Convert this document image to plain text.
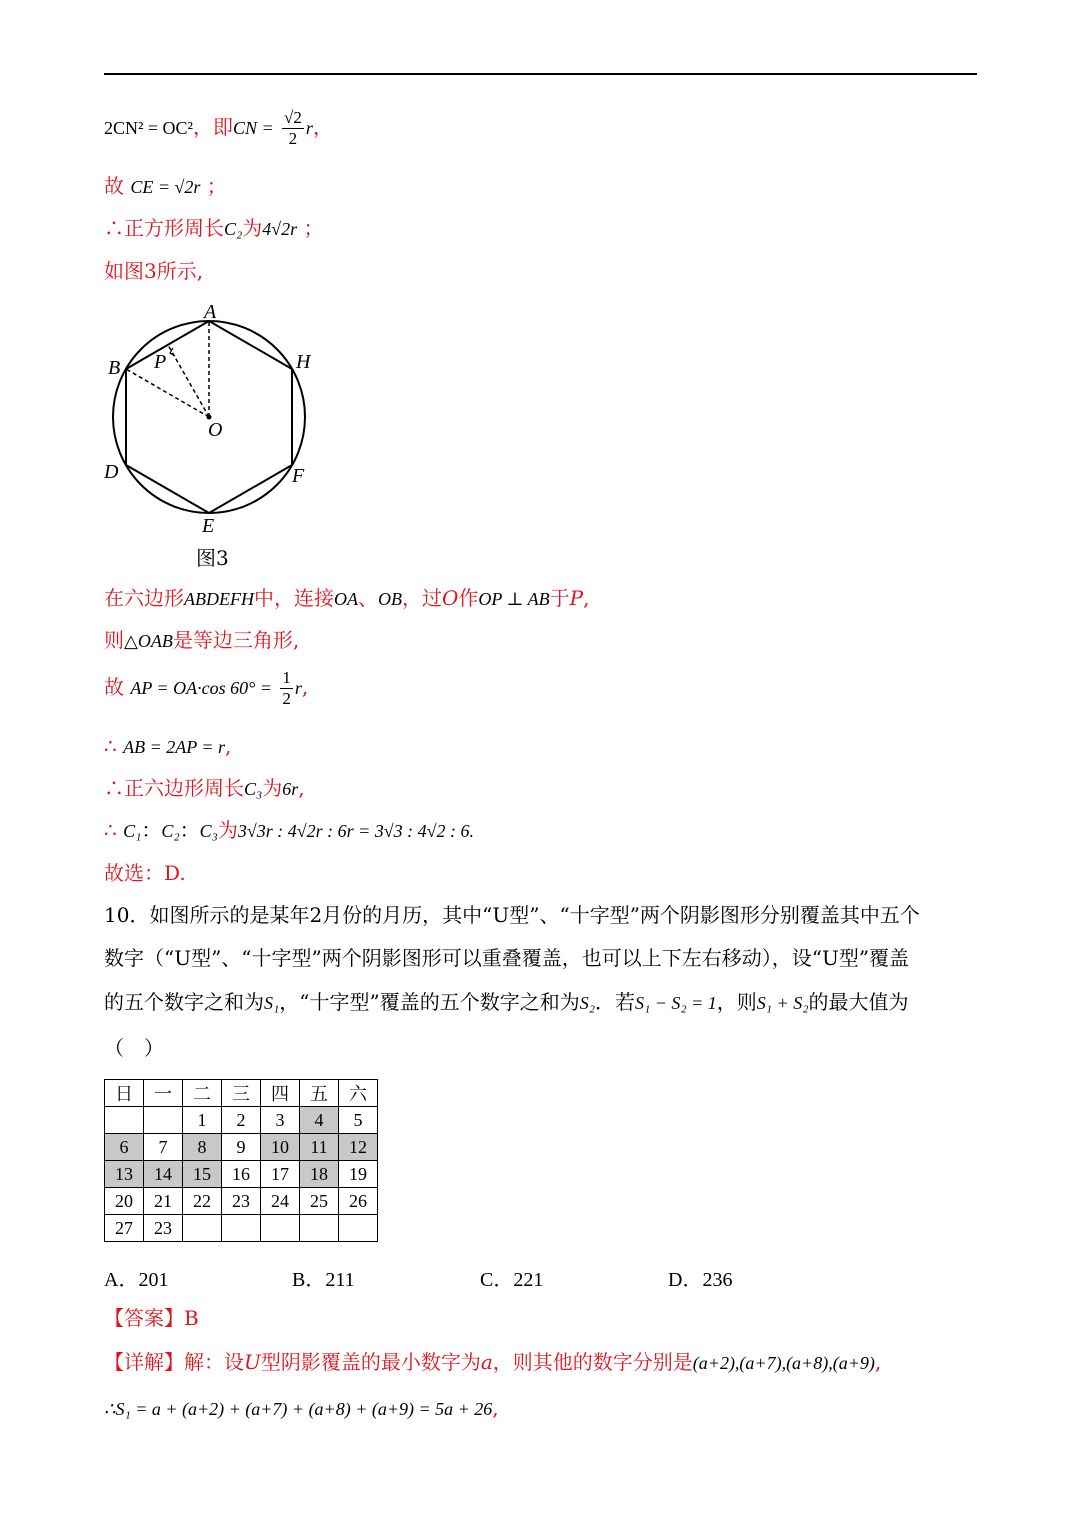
2CN² = OC²，即CN = $\frac{√2}{2}$ r，
故 CE = √2r ；
∴正方形周长C₂为4√2r ；
如图3所示,
A
B P	H
O
D	F
E
图3
在六边形ABDEFH中，连接OA、OB，过O作OP ⊥ AB于P,
则△OAB是等边三角形,
故 AP = OA·cos $60^\circ = \frac{1}{2} r$,
∴ AB = 2AP = r,
∴正六边形周长C₃为6r,
∴ C₁：C₂：C₃为3√3r : 4√2r : 6r = 3√3 : 4√2 : 6.
故选：D.
10．如图所示的是某年2月份的月历，其中“U型”、“十字型”两个阴影图形分别覆盖其中五个
数字（“U型”、“十字型”两个阴影图形可以重叠覆盖，也可以上下左右移动），设“U型”覆盖
的五个数字之和为S₁，“十字型”覆盖的五个数字之和为S₂．若S₁ − S₂ = 1，则S₁ + S₂的最大值为
（　）
日	一	二	三	四	五	六
		1	2	3	4	5
6	7	8	9	10	11	12
13	14	15	16	17	18	19
20	21	22	23	24	25	26
27	23					
A．201	B．211	C．221	D．236
【答案】B
【详解】解：设U型阴影覆盖的最小数字为a，则其他的数字分别是(a+2),(a+7),(a+8),(a+9),
∴S₁ = a + (a+2) + (a+7) + (a+8) + (a+9) = 5a + 26,
